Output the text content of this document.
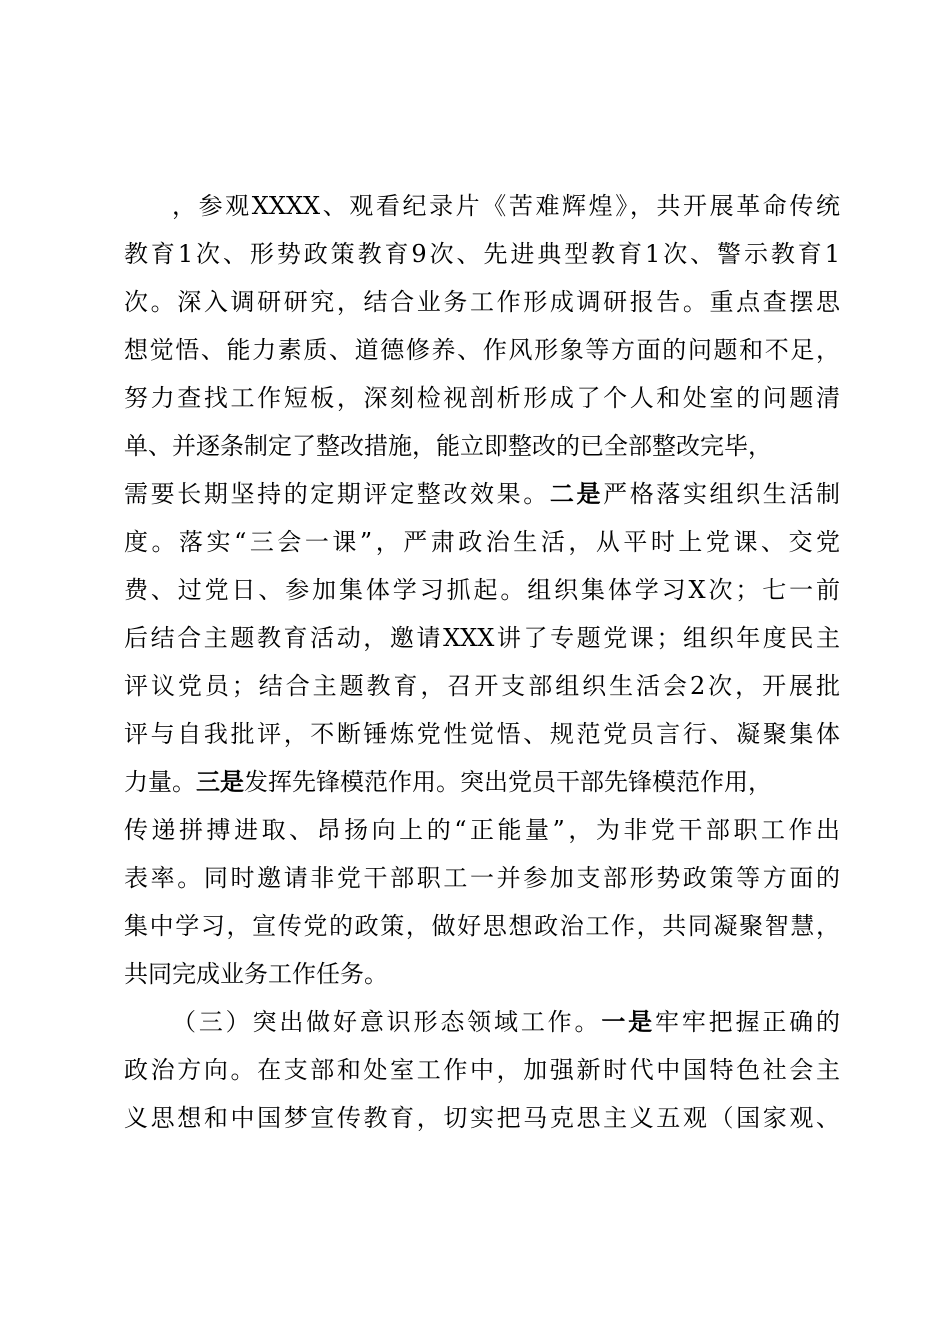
，参观XXXX、观看纪录片《苦难辉煌》，共开展革命传统
教育1次、形势政策教育9次、先进典型教育1次、警示教育1
次。深入调研研究，结合业务工作形成调研报告。重点查摆思
想觉悟、能力素质、道德修养、作风形象等方面的问题和不足，
努力查找工作短板，深刻检视剖析形成了个人和处室的问题清
单、并逐条制定了整改措施，能立即整改的已全部整改完毕，
需要长期坚持的定期评定整改效果。二是严格落实组织生活制
度。落实“三会一课”，严肃政治生活，从平时上党课、交党
费、过党日、参加集体学习抓起。组织集体学习X次；七一前
后结合主题教育活动，邀请XXX讲了专题党课；组织年度民主
评议党员；结合主题教育，召开支部组织生活会2次，开展批
评与自我批评，不断锤炼党性觉悟、规范党员言行、凝聚集体
力量。三是发挥先锋模范作用。突出党员干部先锋模范作用，
传递拼搏进取、昂扬向上的“正能量”，为非党干部职工作出
表率。同时邀请非党干部职工一并参加支部形势政策等方面的
集中学习，宣传党的政策，做好思想政治工作，共同凝聚智慧，
共同完成业务工作任务。
（三）突出做好意识形态领域工作。一是牢牢把握正确的
政治方向。在支部和处室工作中，加强新时代中国特色社会主
义思想和中国梦宣传教育，切实把马克思主义五观（国家观、
